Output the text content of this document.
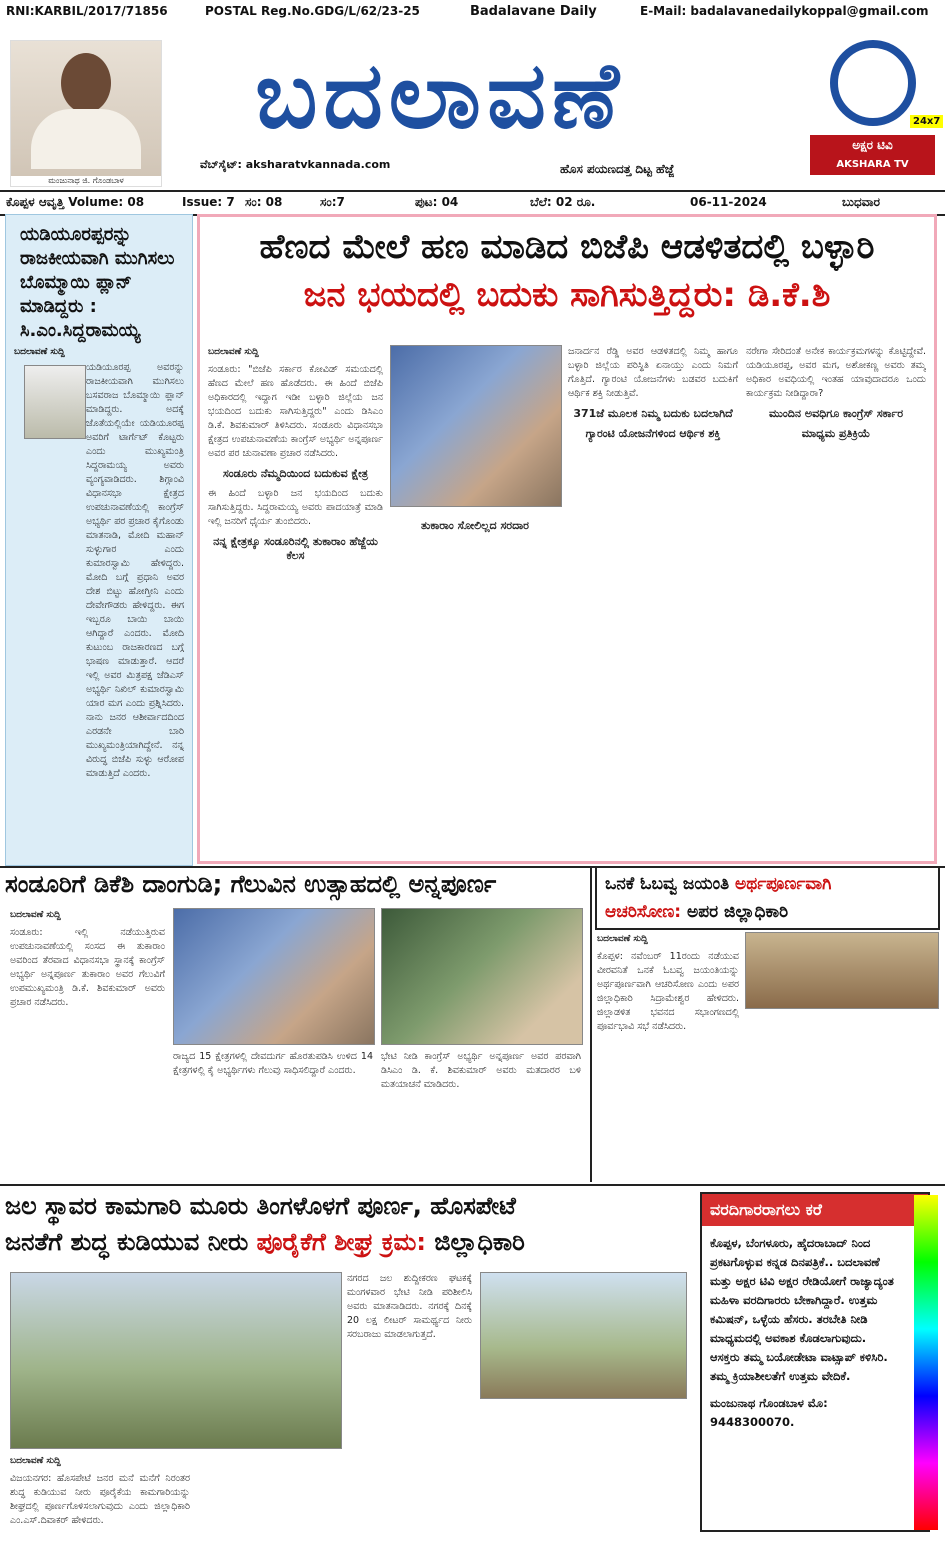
RNI:KARBIL/2017/71856	POSTAL Reg.No.GDG/L/62/23-25	Badalavane Daily	E-Mail: badalavanedailykoppal@gmail.com
ಮಂಜುನಾಥ ಜಿ. ಗೊಂಡಬಾಳ
ಬದಲಾವಣೆ
ವೆಬ್‌ಸೈಟ್: aksharatvkannada.com	ಹೊಸ ಪಯಣದತ್ತ ದಿಟ್ಟ ಹೆಜ್ಜೆ
24x7
ಅಕ್ಷರ ಟಿವಿ
AKSHARA TV KANNADA
ಕೊಪ್ಪಳ ಆವೃತ್ತಿ Volume: 08	Issue: 7 ಸಂ: 08	ಸಂ:7	ಪುಟ: 04	ಬೆಲೆ: 02 ರೂ.	06-11-2024	ಬುಧವಾರ
ಯಡಿಯೂರಪ್ಪರನ್ನು ರಾಜಕೀಯವಾಗಿ ಮುಗಿಸಲು ಬೊಮ್ಮಾಯಿ ಪ್ಲಾನ್ ಮಾಡಿದ್ದರು : ಸಿ.ಎಂ.ಸಿದ್ದರಾಮಯ್ಯ
ಬದಲಾವಣೆ ಸುದ್ದಿ
ಯಡಿಯೂರಪ್ಪ ಅವರನ್ನು ರಾಜಕೀಯವಾಗಿ ಮುಗಿಸಲು ಬಸವರಾಜ ಬೊಮ್ಮಾಯಿ ಪ್ಲಾನ್ ಮಾಡಿದ್ದರು. ಅದಕ್ಕೆ ಜೊತೆಯಲ್ಲಿಯೇ ಯಡಿಯೂರಪ್ಪ ಅವರಿಗೆ ಟಾರ್ಗೆಟ್ ಕೊಟ್ಟರು ಎಂದು ಮುಖ್ಯಮಂತ್ರಿ ಸಿದ್ದರಾಮಯ್ಯ ಅವರು ವ್ಯಂಗ್ಯವಾಡಿದರು. ಶಿಗ್ಗಾಂವಿ ವಿಧಾನಸಭಾ ಕ್ಷೇತ್ರದ ಉಪಚುನಾವಣೆಯಲ್ಲಿ ಕಾಂಗ್ರೆಸ್ ಅಭ್ಯರ್ಥಿ ಪರ ಪ್ರಚಾರ ಕೈಗೊಂಡು ಮಾತನಾಡಿ, ಮೋದಿ ಮಹಾನ್ ಸುಳ್ಳುಗಾರ ಎಂದು ಕುಮಾರಸ್ವಾಮಿ ಹೇಳಿದ್ದರು. ಮೋದಿ ಬಗ್ಗೆ ಪ್ರಧಾನಿ ಅವರ ದೇಶ ಬಿಟ್ಟು ಹೋಗ್ತೀನಿ ಎಂದು ದೇವೇಗೌಡರು ಹೇಳಿದ್ದರು. ಈಗ ಇಬ್ಬರೂ ಬಾಯಿ ಬಾಯಿ ಆಗಿದ್ದಾರೆ ಎಂದರು. ಮೋದಿ ಕುಟುಂಬ ರಾಜಕಾರಣದ ಬಗ್ಗೆ ಭಾಷಣ ಮಾಡುತ್ತಾರೆ. ಆದರೆ ಇಲ್ಲಿ ಅವರ ಮಿತ್ರಪಕ್ಷ ಜೆಡಿಎಸ್ ಅಭ್ಯರ್ಥಿ ನಿಖಿಲ್ ಕುಮಾರಸ್ವಾಮಿ ಯಾರ ಮಗ ಎಂದು ಪ್ರಶ್ನಿಸಿದರು. ನಾನು ಜನರ ಆಶೀರ್ವಾದದಿಂದ ಎರಡನೇ ಬಾರಿ ಮುಖ್ಯಮಂತ್ರಿಯಾಗಿದ್ದೇನೆ. ನನ್ನ ವಿರುದ್ಧ ಬಿಜೆಪಿ ಸುಳ್ಳು ಆರೋಪ ಮಾಡುತ್ತಿದೆ ಎಂದರು.
ಹೆಣದ ಮೇಲೆ ಹಣ ಮಾಡಿದ ಬಿಜೆಪಿ ಆಡಳಿತದಲ್ಲಿ ಬಳ್ಳಾರಿ
ಜನ ಭಯದಲ್ಲಿ ಬದುಕು ಸಾಗಿಸುತ್ತಿದ್ದರು: ಡಿ.ಕೆ.ಶಿ
ಬದಲಾವಣೆ ಸುದ್ದಿ
ಸಂಡೂರು: "ಬಿಜೆಪಿ ಸರ್ಕಾರ ಕೋವಿಡ್ ಸಮಯದಲ್ಲಿ ಹೆಣದ ಮೇಲೆ ಹಣ ಹೊಡೆದರು. ಈ ಹಿಂದೆ ಬಿಜೆಪಿ ಅಧಿಕಾರದಲ್ಲಿ ಇದ್ದಾಗ ಇಡೀ ಬಳ್ಳಾರಿ ಜಿಲ್ಲೆಯ ಜನ ಭಯದಿಂದ ಬದುಕು ಸಾಗಿಸುತ್ತಿದ್ದರು" ಎಂದು ಡಿಸಿಎಂ ಡಿ.ಕೆ. ಶಿವಕುಮಾರ್ ತಿಳಿಸಿದರು. ಸಂಡೂರು ವಿಧಾನಸಭಾ ಕ್ಷೇತ್ರದ ಉಪಚುನಾವಣೆಯ ಕಾಂಗ್ರೆಸ್ ಅಭ್ಯರ್ಥಿ ಅನ್ನಪೂರ್ಣ ಅವರ ಪರ ಚುನಾವಣಾ ಪ್ರಚಾರ ನಡೆಸಿದರು.
ಸಂಡೂರು ನೆಮ್ಮದಿಯಿಂದ ಬದುಕುವ ಕ್ಷೇತ್ರ
ಈ ಹಿಂದೆ ಬಳ್ಳಾರಿ ಜನ ಭಯದಿಂದ ಬದುಕು ಸಾಗಿಸುತ್ತಿದ್ದರು. ಸಿದ್ದರಾಮಯ್ಯ ಅವರು ಪಾದಯಾತ್ರೆ ಮಾಡಿ ಇಲ್ಲಿ ಜನರಿಗೆ ಧೈರ್ಯ ತುಂಬಿದರು.
ನನ್ನ ಕ್ಷೇತ್ರಕ್ಕೂ ಸಂಡೂರಿನಲ್ಲಿ ತುಕಾರಾಂ ಹೆಜ್ಜೆಯ ಕೆಲಸ
ತುಕಾರಾಂ ಸೋಲಿಲ್ಲದ ಸರದಾರ
ಜನಾರ್ದನ ರೆಡ್ಡಿ ಅವರ ಆಡಳಿತದಲ್ಲಿ ನಿಮ್ಮ ಹಾಗೂ ಬಳ್ಳಾರಿ ಜಿಲ್ಲೆಯ ಪರಿಸ್ಥಿತಿ ಏನಾಯ್ತು ಎಂದು ನಿಮಗೆ ಗೊತ್ತಿದೆ. ಗ್ಯಾರಂಟಿ ಯೋಜನೆಗಳು ಬಡವರ ಬದುಕಿಗೆ ಆರ್ಥಿಕ ಶಕ್ತಿ ನೀಡುತ್ತಿವೆ.
371ಜೆ ಮೂಲಕ ನಿಮ್ಮ ಬದುಕು ಬದಲಾಗಿದೆ
ಗ್ಯಾರಂಟಿ ಯೋಜನೆಗಳಿಂದ ಆರ್ಥಿಕ ಶಕ್ತಿ
ನರೇಗಾ ಸೇರಿದಂತೆ ಅನೇಕ ಕಾರ್ಯಕ್ರಮಗಳನ್ನು ಕೊಟ್ಟಿದ್ದೇವೆ. ಯಡಿಯೂರಪ್ಪ, ಅವರ ಮಗ, ಅಶೋಕಣ್ಣ ಅವರು ತಮ್ಮ ಅಧಿಕಾರ ಅವಧಿಯಲ್ಲಿ ಇಂತಹ ಯಾವುದಾದರೂ ಒಂದು ಕಾರ್ಯಕ್ರಮ ನೀಡಿದ್ದಾರಾ?
ಮುಂದಿನ ಅವಧಿಗೂ ಕಾಂಗ್ರೆಸ್ ಸರ್ಕಾರ
ಮಾಧ್ಯಮ ಪ್ರತಿಕ್ರಿಯೆ
ಸಂಡೂರಿಗೆ ಡಿಕೆಶಿ ದಾಂಗುಡಿ; ಗೆಲುವಿನ ಉತ್ಸಾಹದಲ್ಲಿ ಅನ್ನಪೂರ್ಣ
ಬದಲಾವಣೆ ಸುದ್ದಿ
ಸಂಡೂರು: ಇಲ್ಲಿ ನಡೆಯುತ್ತಿರುವ ಉಪಚುನಾವಣೆಯಲ್ಲಿ ಸಂಸದ ಈ ತುಕಾರಾಂ ಅವರಿಂದ ತೆರವಾದ ವಿಧಾನಸಭಾ ಸ್ಥಾನಕ್ಕೆ ಕಾಂಗ್ರೆಸ್ ಅಭ್ಯರ್ಥಿ ಅನ್ನಪೂರ್ಣ ತುಕಾರಾಂ ಅವರ ಗೆಲುವಿಗೆ ಉಪಮುಖ್ಯಮಂತ್ರಿ ಡಿ.ಕೆ. ಶಿವಕುಮಾರ್ ಅವರು ಪ್ರಚಾರ ನಡೆಸಿದರು.
ರಾಜ್ಯದ 15 ಕ್ಷೇತ್ರಗಳಲ್ಲಿ ದೇವದುರ್ಗ ಹೊರತುಪಡಿಸಿ ಉಳಿದ 14 ಕ್ಷೇತ್ರಗಳಲ್ಲಿ ಕೈ ಅಭ್ಯರ್ಥಿಗಳು ಗೆಲುವು ಸಾಧಿಸಲಿದ್ದಾರೆ ಎಂದರು.
ಭೇಟಿ ನೀಡಿ ಕಾಂಗ್ರೆಸ್ ಅಭ್ಯರ್ಥಿ ಅನ್ನಪೂರ್ಣ ಅವರ ಪರವಾಗಿ ಡಿಸಿಎಂ ಡಿ. ಕೆ. ಶಿವಕುಮಾರ್ ಅವರು ಮತದಾರರ ಬಳಿ ಮತಯಾಚನೆ ಮಾಡಿದರು.
ಒನಕೆ ಓಬವ್ವ ಜಯಂತಿ ಅರ್ಥಪೂರ್ಣವಾಗಿ
ಆಚರಿಸೋಣ: ಅಪರ ಜಿಲ್ಲಾಧಿಕಾರಿ
ಬದಲಾವಣೆ ಸುದ್ದಿ
ಕೊಪ್ಪಳ: ನವೆಂಬರ್ 11ರಂದು ನಡೆಯುವ ವೀರವನಿತೆ ಒನಕೆ ಓಬವ್ವ ಜಯಂತಿಯನ್ನು ಅರ್ಥಪೂರ್ಣವಾಗಿ ಆಚರಿಸೋಣ ಎಂದು ಅಪರ ಜಿಲ್ಲಾಧಿಕಾರಿ ಸಿದ್ರಾಮೇಶ್ವರ ಹೇಳಿದರು. ಜಿಲ್ಲಾಡಳಿತ ಭವನದ ಸಭಾಂಗಣದಲ್ಲಿ ಪೂರ್ವಭಾವಿ ಸಭೆ ನಡೆಸಿದರು.
ಜಲ ಸ್ಥಾವರ ಕಾಮಗಾರಿ ಮೂರು ತಿಂಗಳೊಳಗೆ ಪೂರ್ಣ, ಹೊಸಪೇಟೆ
ಜನತೆಗೆ ಶುದ್ಧ ಕುಡಿಯುವ ನೀರು ಪೂರೈಕೆಗೆ ಶೀಘ್ರ ಕ್ರಮ: ಜಿಲ್ಲಾಧಿಕಾರಿ
ಬದಲಾವಣೆ ಸುದ್ದಿ
ವಿಜಯನಗರ: ಹೊಸಪೇಟೆ ಜನರ ಮನೆ ಮನೆಗೆ ನಿರಂತರ ಶುದ್ಧ ಕುಡಿಯುವ ನೀರು ಪೂರೈಕೆಯ ಕಾಮಗಾರಿಯನ್ನು ಶೀಘ್ರದಲ್ಲಿ ಪೂರ್ಣಗೊಳಿಸಲಾಗುವುದು ಎಂದು ಜಿಲ್ಲಾಧಿಕಾರಿ ಎಂ.ಎಸ್.ದಿವಾಕರ್ ಹೇಳಿದರು.
ನಗರದ ಜಲ ಶುದ್ದೀಕರಣ ಘಟಕಕ್ಕೆ ಮಂಗಳವಾರ ಭೇಟಿ ನೀಡಿ ಪರಿಶೀಲಿಸಿ ಅವರು ಮಾತನಾಡಿದರು. ನಗರಕ್ಕೆ ದಿನಕ್ಕೆ 20 ಲಕ್ಷ ಲೀಟರ್ ಸಾಮರ್ಥ್ಯದ ನೀರು ಸರಬರಾಜು ಮಾಡಲಾಗುತ್ತದೆ.
ವರದಿಗಾರರಾಗಲು ಕರೆ
ಕೊಪ್ಪಳ, ಬೆಂಗಳೂರು, ಹೈದರಾಬಾದ್ ನಿಂದ ಪ್ರಕಟಗೊಳ್ಳುವ ಕನ್ನಡ ದಿನಪತ್ರಿಕೆ.. ಬದಲಾವಣೆ ಮತ್ತು ಅಕ್ಷರ ಟಿವಿ ಅಕ್ಷರ ರೇಡಿಯೋಗೆ ರಾಜ್ಯಾದ್ಯಂತ ಮಹಿಳಾ ವರದಿಗಾರರು ಬೇಕಾಗಿದ್ದಾರೆ. ಉತ್ತಮ ಕಮಿಷನ್, ಒಳ್ಳೆಯ ಹೆಸರು. ತರಬೇತಿ ನೀಡಿ ಮಾಧ್ಯಮದಲ್ಲಿ ಅವಕಾಶ ಕೊಡಲಾಗುವುದು. ಆಸಕ್ತರು ತಮ್ಮ ಬಯೋಡೇಟಾ ವಾಟ್ಸಾಪ್ ಕಳಿಸಿರಿ. ತಮ್ಮ ಕ್ರಿಯಾಶೀಲತೆಗೆ ಉತ್ತಮ ವೇದಿಕೆ.
ಮಂಜುನಾಥ ಗೊಂಡಬಾಳ ಮೊ: 9448300070.
